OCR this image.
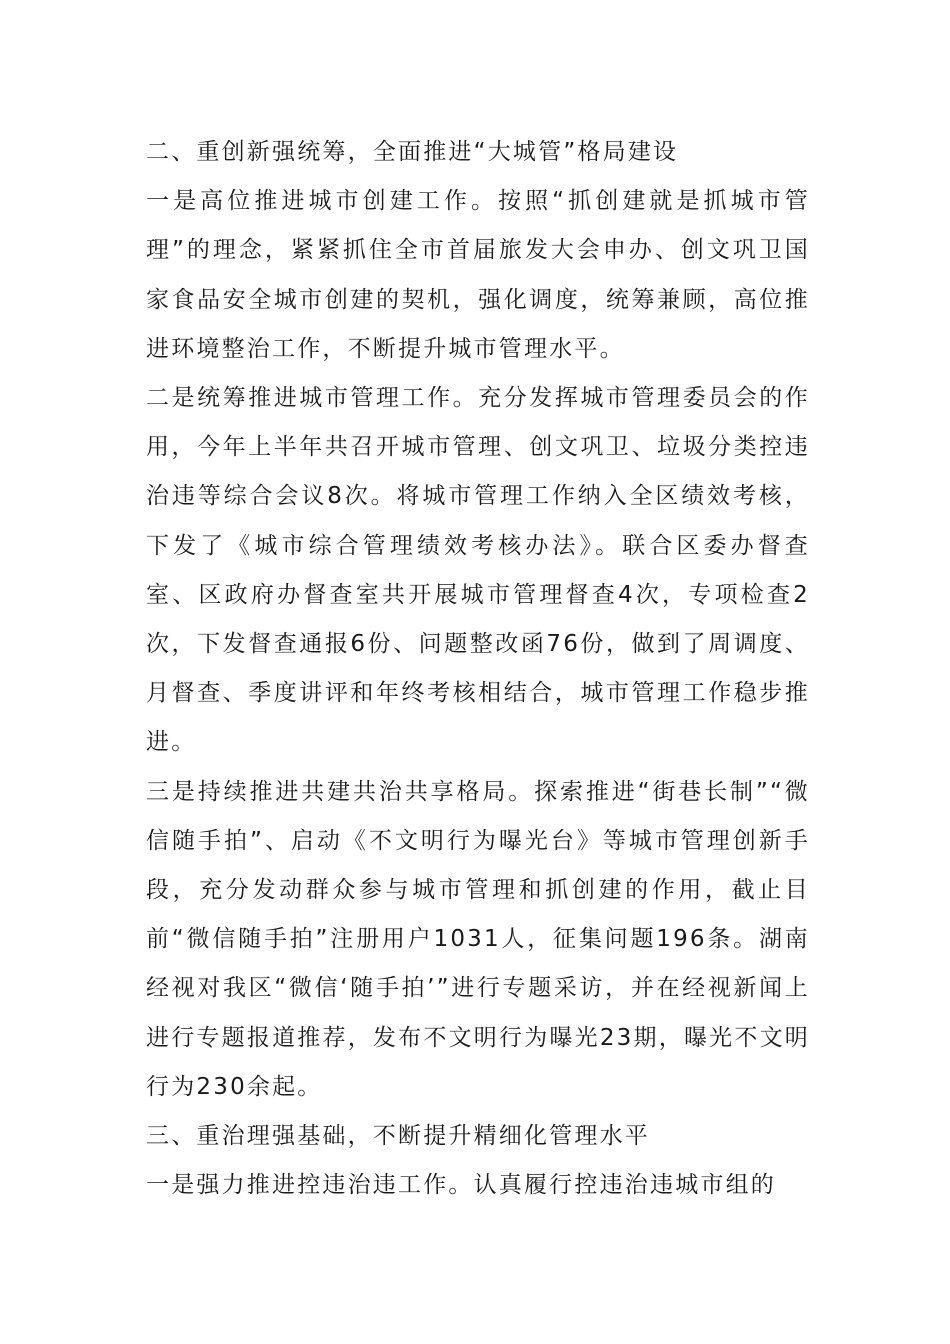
二、重创新强统筹，全面推进“大城管”格局建设

一是高位推进城市创建工作。按照“抓创建就是抓城市管理”的理念，紧紧抓住全市首届旅发大会申办、创文巩卫国家食品安全城市创建的契机，强化调度，统筹兼顾，高位推进环境整治工作，不断提升城市管理水平。

二是统筹推进城市管理工作。充分发挥城市管理委员会的作用，今年上半年共召开城市管理、创文巩卫、垃圾分类控违治违等综合会议8次。将城市管理工作纳入全区绩效考核，下发了《城市综合管理绩效考核办法》。联合区委办督查室、区政府办督查室共开展城市管理督查4次，专项检查2次，下发督查通报6份、问题整改函76份，做到了周调度、月督查、季度讲评和年终考核相结合，城市管理工作稳步推进。

三是持续推进共建共治共享格局。探索推进“街巷长制”“微信随手拍”、启动《不文明行为曝光台》等城市管理创新手段，充分发动群众参与城市管理和抓创建的作用，截止目前“微信随手拍”注册用户1031人，征集问题196条。湖南经视对我区“微信‘随手拍’”进行专题采访，并在经视新闻上进行专题报道推荐，发布不文明行为曝光23期，曝光不文明行为230余起。

三、重治理强基础，不断提升精细化管理水平

一是强力推进控违治违工作。认真履行控违治违城市组的
